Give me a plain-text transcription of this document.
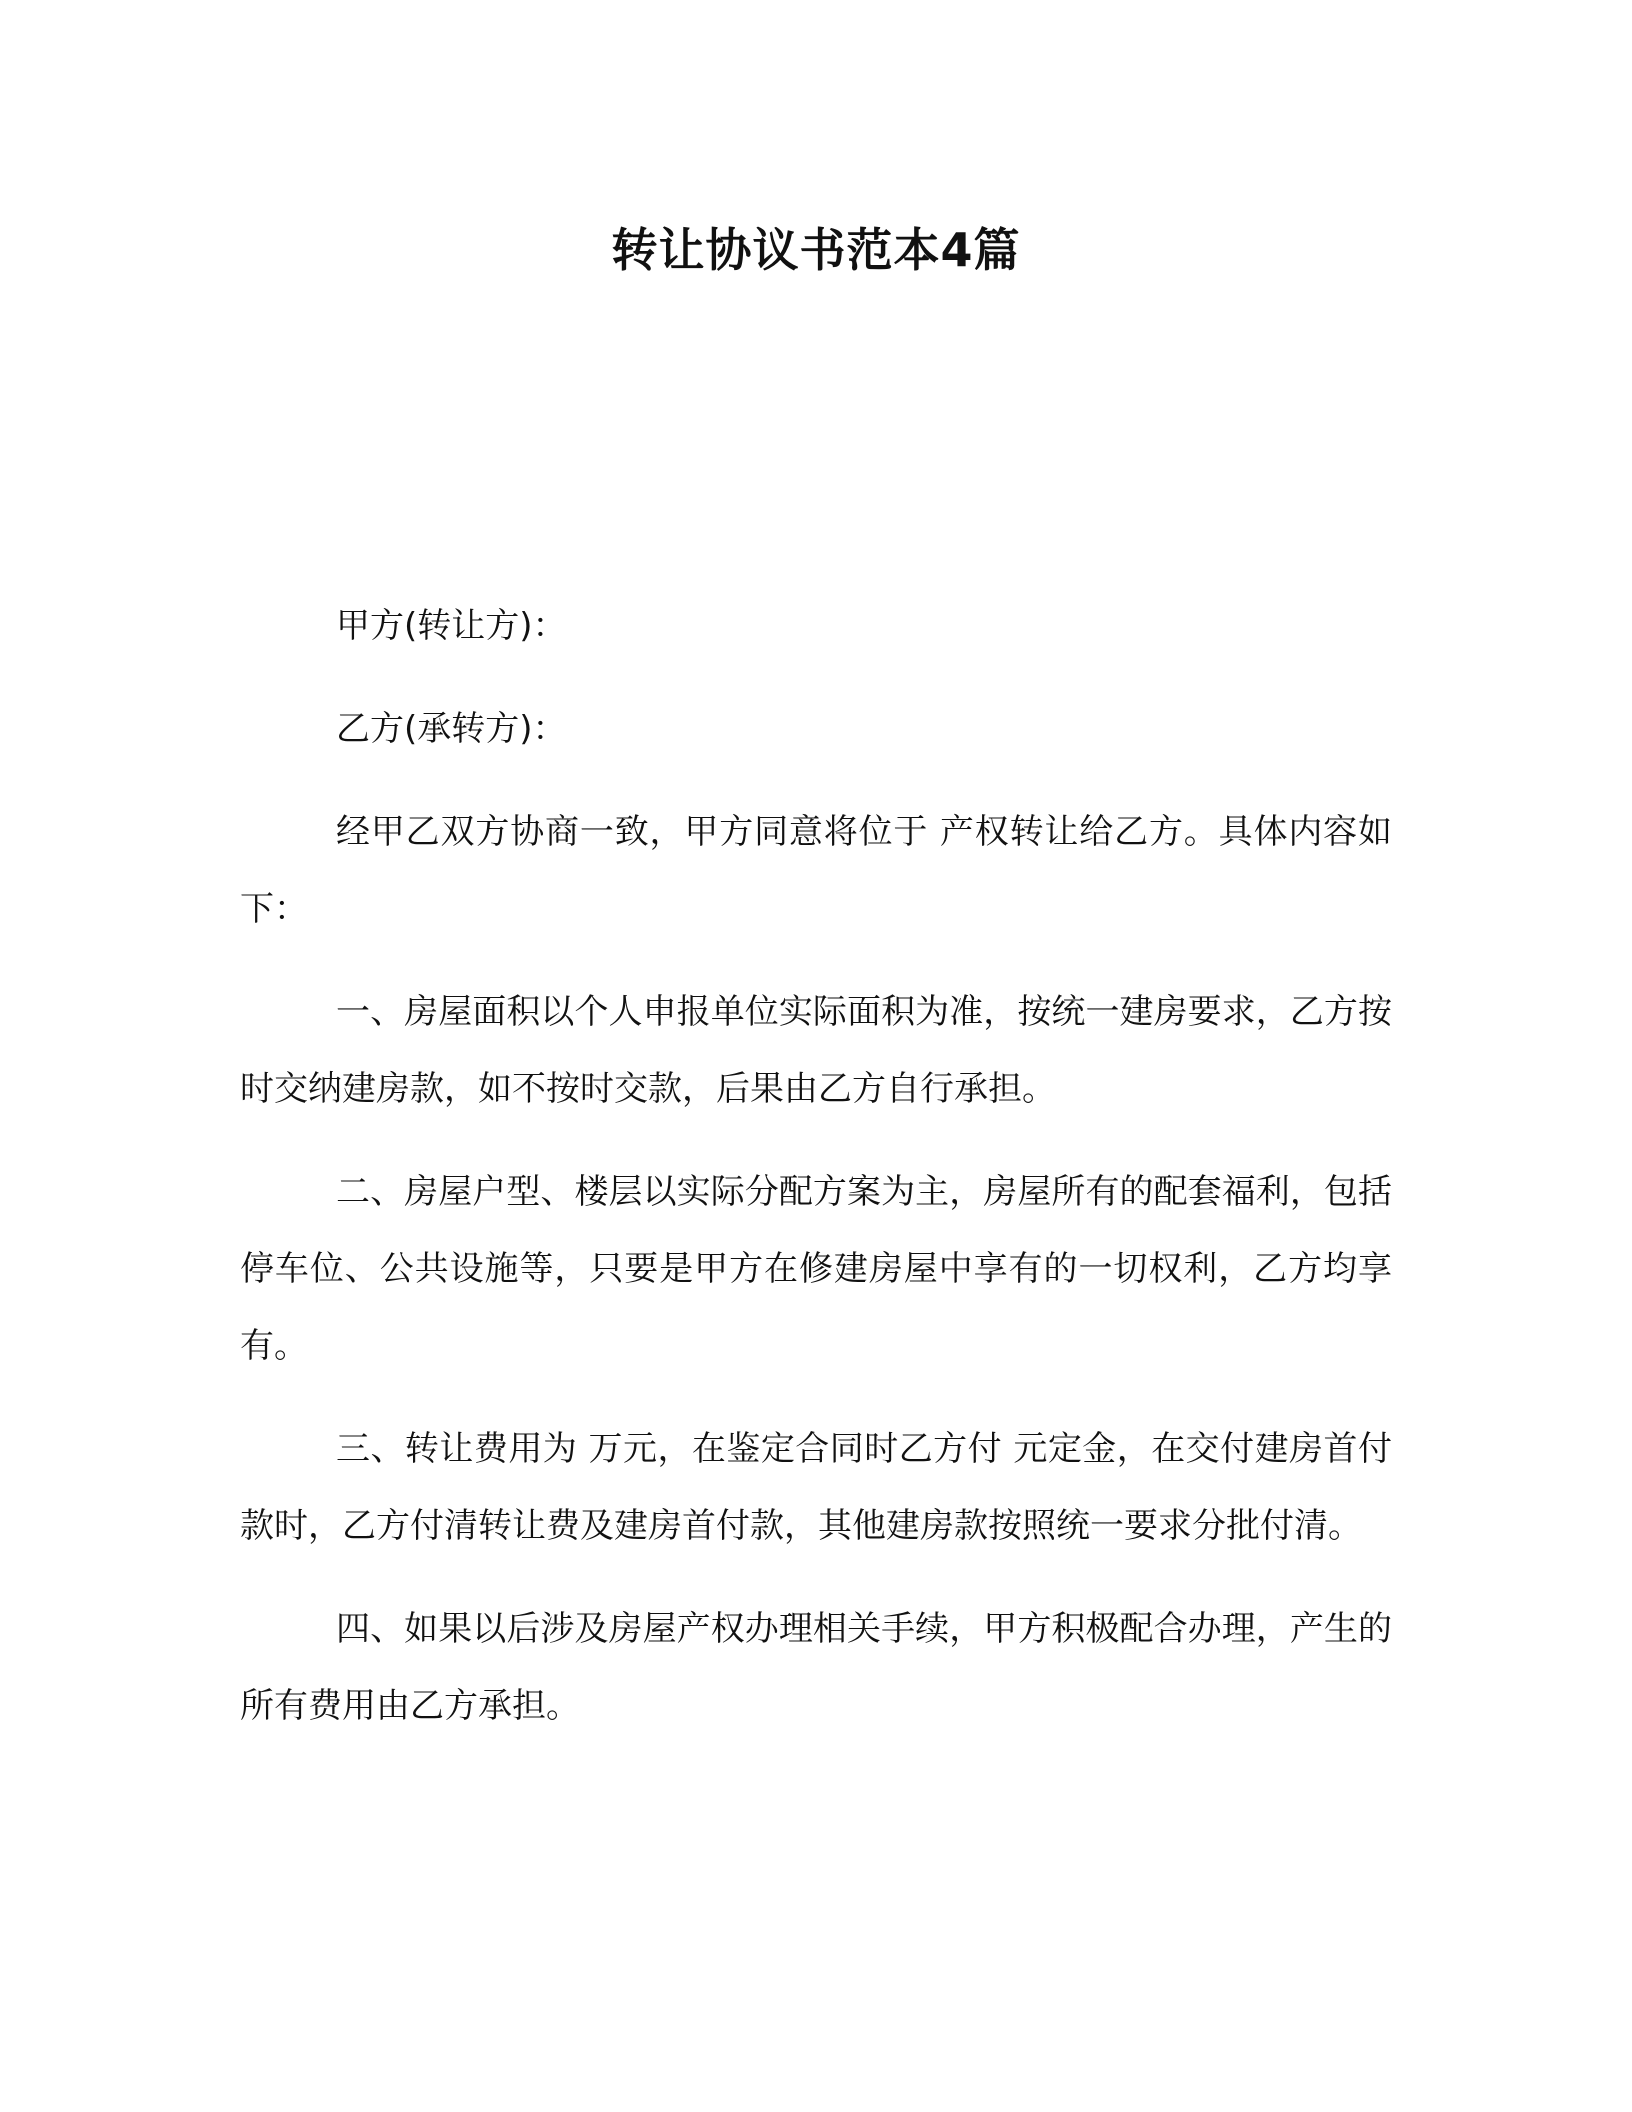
转让协议书范本4篇

甲方(转让方)：

乙方(承转方)：

经甲乙双方协商一致，甲方同意将位于 产权转让给乙方。具体内容如下：

一、房屋面积以个人申报单位实际面积为准，按统一建房要求，乙方按时交纳建房款，如不按时交款，后果由乙方自行承担。

二、房屋户型、楼层以实际分配方案为主，房屋所有的配套福利，包括停车位、公共设施等，只要是甲方在修建房屋中享有的一切权利，乙方均享有。

三、转让费用为 万元，在鉴定合同时乙方付 元定金，在交付建房首付款时，乙方付清转让费及建房首付款，其他建房款按照统一要求分批付清。

四、如果以后涉及房屋产权办理相关手续，甲方积极配合办理，产生的所有费用由乙方承担。
